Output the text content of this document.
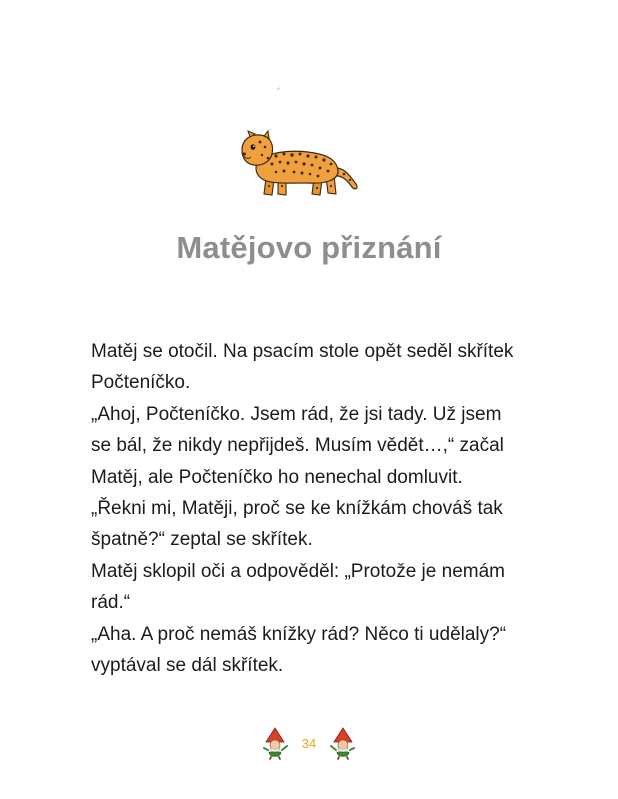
Matějovo přiznání
Matěj se otočil. Na psacím stole opět seděl skřítek
Počteníčko.
„Ahoj, Počteníčko. Jsem rád, že jsi tady. Už jsem
se bál, že nikdy nepřijdeš. Musím vědět…,“ začal
Matěj, ale Počteníčko ho nenechal domluvit.
„Řekni mi, Matěji, proč se ke knížkám chováš tak
špatně?“ zeptal se skřítek.
Matěj sklopil oči a odpověděl: „Protože je nemám
rád.“
„Aha. A proč nemáš knížky rád? Něco ti udělaly?“
vyptával se dál skřítek.
34
